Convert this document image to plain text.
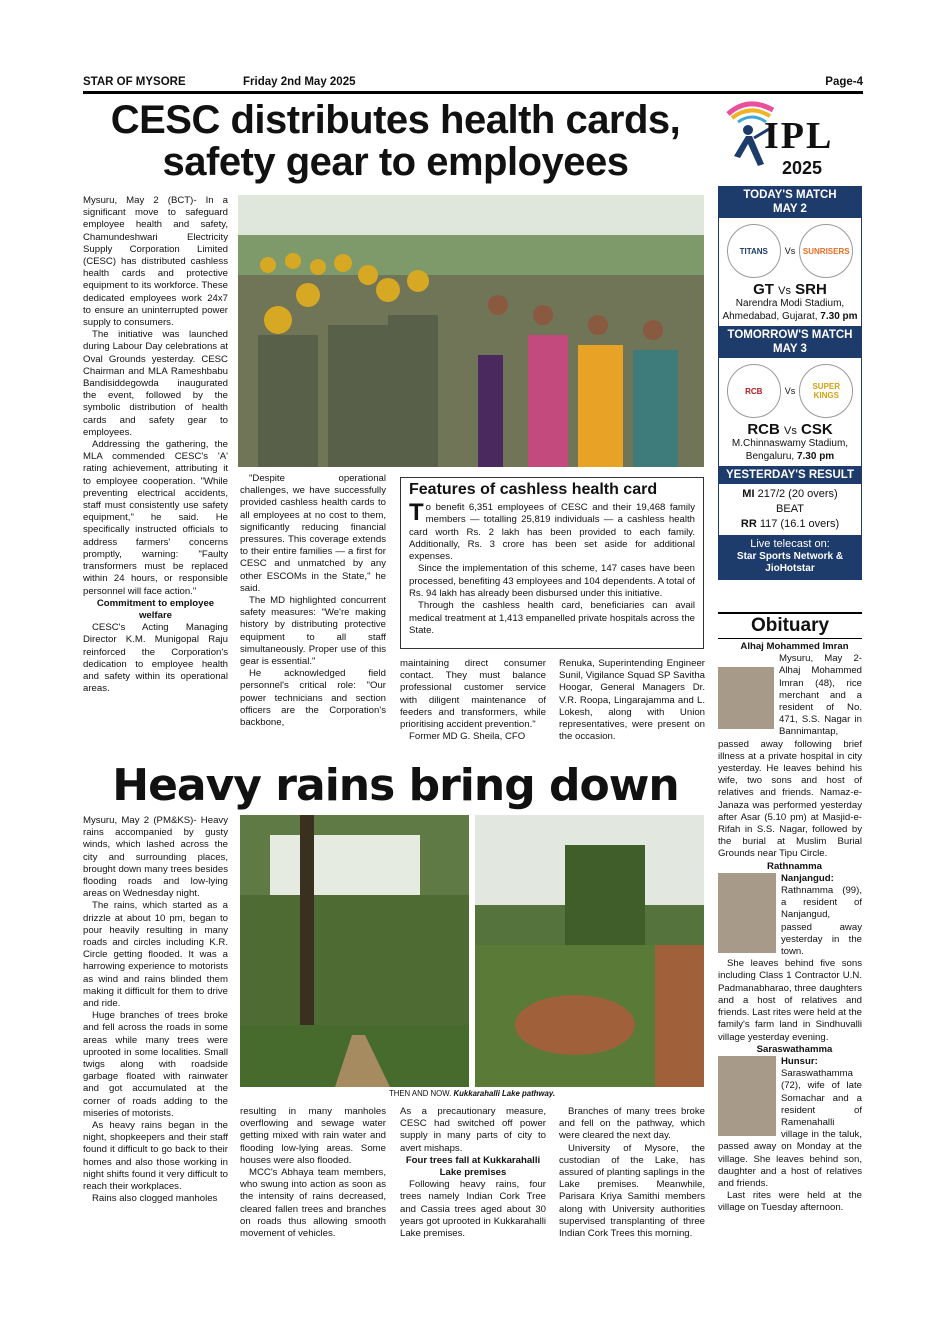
STAR OF MYSORE	Friday 2nd May 2025	Page-4
CESC distributes health cards,
safety gear to employees

Mysuru, May 2 (BCT)- In a significant move to safeguard employee health and safety, Chamundeshwari Electricity Supply Corporation Limited (CESC) has distributed cashless health cards and protective equipment to its workforce. These dedicated employees work 24x7 to ensure an uninterrupted power supply to consumers.

The initiative was launched during Labour Day celebrations at Oval Grounds yesterday. CESC Chairman and MLA Rameshbabu Bandisiddegowda inaugurated the event, followed by the symbolic distribution of health cards and safety gear to employees.

Addressing the gathering, the MLA commended CESC's 'A' rating achievement, attributing it to employee cooperation. "While preventing electrical accidents, staff must consistently use safety equipment," he said. He specifically instructed officials to address farmers' concerns promptly, warning: "Faulty transformers must be replaced within 24 hours, or responsible personnel will face action."

Commitment to employee welfare

CESC's Acting Managing Director K.M. Munigopal Raju reinforced the Corporation's dedication to employee health and safety within its operational areas.

"Despite operational challenges, we have successfully provided cashless health cards to all employees at no cost to them, significantly reducing financial pressures. This coverage extends to their entire families — a first for CESC and unmatched by any other ESCOMs in the State," he said.

The MD highlighted concurrent safety measures: "We're making history by distributing protective equipment to all staff simultaneously. Proper use of this gear is essential."

He acknowledged field personnel's critical role: "Our power technicians and section officers are the Corporation's backbone,

Features of cashless health card

To benefit 6,351 employees of CESC and their 19,468 family members — totalling 25,819 individuals — a cashless health card worth Rs. 2 lakh has been provided to each family. Additionally, Rs. 3 crore has been set aside for additional expenses.

Since the implementation of this scheme, 147 cases have been processed, benefiting 43 employees and 104 dependents. A total of Rs. 94 lakh has already been disbursed under this initiative.

Through the cashless health card, beneficiaries can avail medical treatment at 1,413 empanelled private hospitals across the State.

maintaining direct consumer contact. They must balance professional customer service with diligent maintenance of feeders and transformers, while prioritising accident prevention."

Former MD G. Sheila, CFO

Renuka, Superintending Engineer Sunil, Vigilance Squad SP Savitha Hoogar, General Managers Dr. V.R. Roopa, Lingarajamma and L. Lokesh, along with Union representatives, were present on the occasion.

Heavy rains bring down

Mysuru, May 2 (PM&KS)- Heavy rains accompanied by gusty winds, which lashed across the city and surrounding places, brought down many trees besides flooding roads and low-lying areas on Wednesday night.

The rains, which started as a drizzle at about 10 pm, began to pour heavily resulting in many roads and circles including K.R. Circle getting flooded. It was a harrowing experience to motorists as wind and rains blinded them making it difficult for them to drive and ride.

Huge branches of trees broke and fell across the roads in some areas while many trees were uprooted in some localities. Small twigs along with roadside garbage floated with rainwater and got accumulated at the corner of roads adding to the miseries of motorists.

As heavy rains began in the night, shopkeepers and their staff found it difficult to go back to their homes and also those working in night shifts found it very difficult to reach their workplaces.

Rains also clogged manholes

THEN AND NOW. Kukkarahalli Lake pathway.

resulting in many manholes overflowing and sewage water getting mixed with rain water and flooding low-lying areas. Some houses were also flooded.

MCC's Abhaya team members, who swung into action as soon as the intensity of rains decreased, cleared fallen trees and branches on roads thus allowing smooth movement of vehicles.

As a precautionary measure, CESC had switched off power supply in many parts of city to avert mishaps.

Four trees fall at Kukkarahalli Lake premises

Following heavy rains, four trees namely Indian Cork Tree and Cassia trees aged about 30 years got uprooted in Kukkarahalli Lake premises.

Branches of many trees broke and fell on the pathway, which were cleared the next day.

University of Mysore, the custodian of the Lake, has assured of planting saplings in the Lake premises. Meanwhile, Parisara Kriya Samithi members along with University authorities supervised transplanting of three Indian Cork Trees this morning.

IPL
2025
TODAY'S MATCH
MAY 2
TITANS	Vs SUNRISERS
GT Vs SRH
Narendra Modi Stadium, Ahmedabad, Gujarat, 7.30 pm
TOMORROW'S MATCH
MAY 3
RCB	Vs	SUPER KINGS
RCB Vs CSK
M.Chinnaswamy Stadium, Bengaluru, 7.30 pm
YESTERDAY'S RESULT
MI 217/2 (20 overs)
BEAT
RR 117 (16.1 overs)
Live telecast on:
Star Sports Network & JioHotstar
Obituary

Alhaj Mohammed Imran

Mysuru, May 2- Alhaj Mohammed Imran (48), rice merchant and a resident of No. 471, S.S. Nagar in Bannimantap, passed away following brief illness at a private hospital in city yesterday. He leaves behind his wife, two sons and host of relatives and friends. Namaz-e-Janaza was performed yesterday after Asar (5.10 pm) at Masjid-e-Rifah in S.S. Nagar, followed by the burial at Muslim Burial Grounds near Tipu Circle.

Rathnamma

Nanjangud:
Rathnamma (99), a resident of Nanjangud, passed away yesterday in the town.

She leaves behind five sons including Class 1 Contractor U.N. Padmanabharao, three daughters and a host of relatives and friends. Last rites were held at the family's farm land in Sindhuvalli village yesterday evening.

Saraswathamma

Hunsur:
Saraswathamma (72), wife of late Somachar and a resident of Ramenahalli village in the taluk, passed away on Monday at the village. She leaves behind son, daughter and a host of relatives and friends.

Last rites were held at the village on Tuesday afternoon.
